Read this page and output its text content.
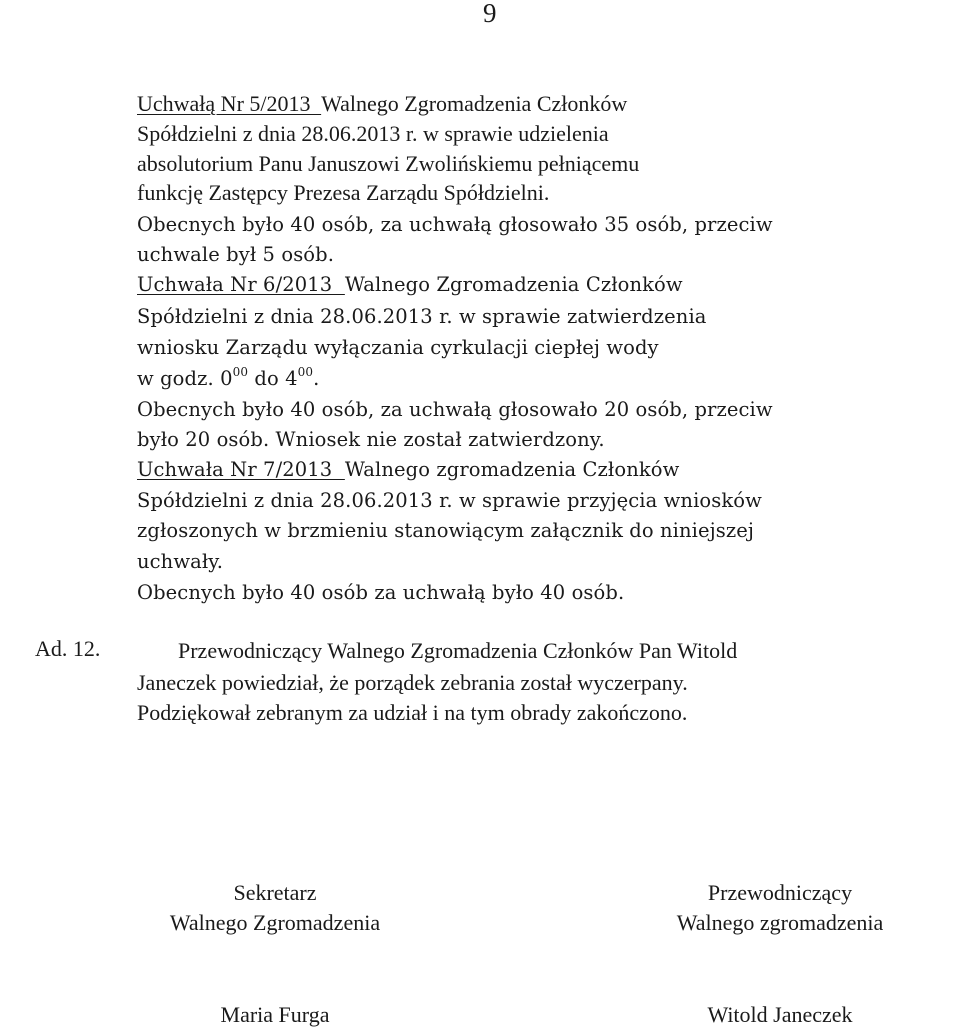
9
Uchwałą Nr 5/2013  Walnego Zgromadzenia Członków
Spółdzielni z dnia 28.06.2013 r. w sprawie udzielenia
absolutorium Panu Januszowi Zwolińskiemu pełniącemu
funkcję Zastępcy Prezesa Zarządu Spółdzielni.
Obecnych było 40 osób, za uchwałą głosowało 35 osób, przeciw
uchwale był 5 osób.
Uchwała Nr 6/2013  Walnego Zgromadzenia Członków
Spółdzielni z dnia 28.06.2013 r. w sprawie zatwierdzenia
wniosku Zarządu wyłączania cyrkulacji ciepłej wody
w godz. $0^{00}$ do $4^{00}$.
Obecnych było 40 osób, za uchwałą głosowało 20 osób, przeciw
było 20 osób. Wniosek nie został zatwierdzony.
Uchwała Nr 7/2013  Walnego zgromadzenia Członków
Spółdzielni z dnia 28.06.2013 r. w sprawie przyjęcia wniosków
zgłoszonych w brzmieniu stanowiącym załącznik do niniejszej
uchwały.
Obecnych było 40 osób za uchwałą było 40 osób.
Ad. 12.	Przewodniczący Walnego Zgromadzenia Członków Pan Witold
Janeczek powiedział, że porządek zebrania został wyczerpany.
Podziękował zebranym za udział i na tym obrady zakończono.
Sekretarz
Walnego Zgromadzenia
Maria Furga
Przewodniczący
Walnego zgromadzenia
Witold Janeczek
